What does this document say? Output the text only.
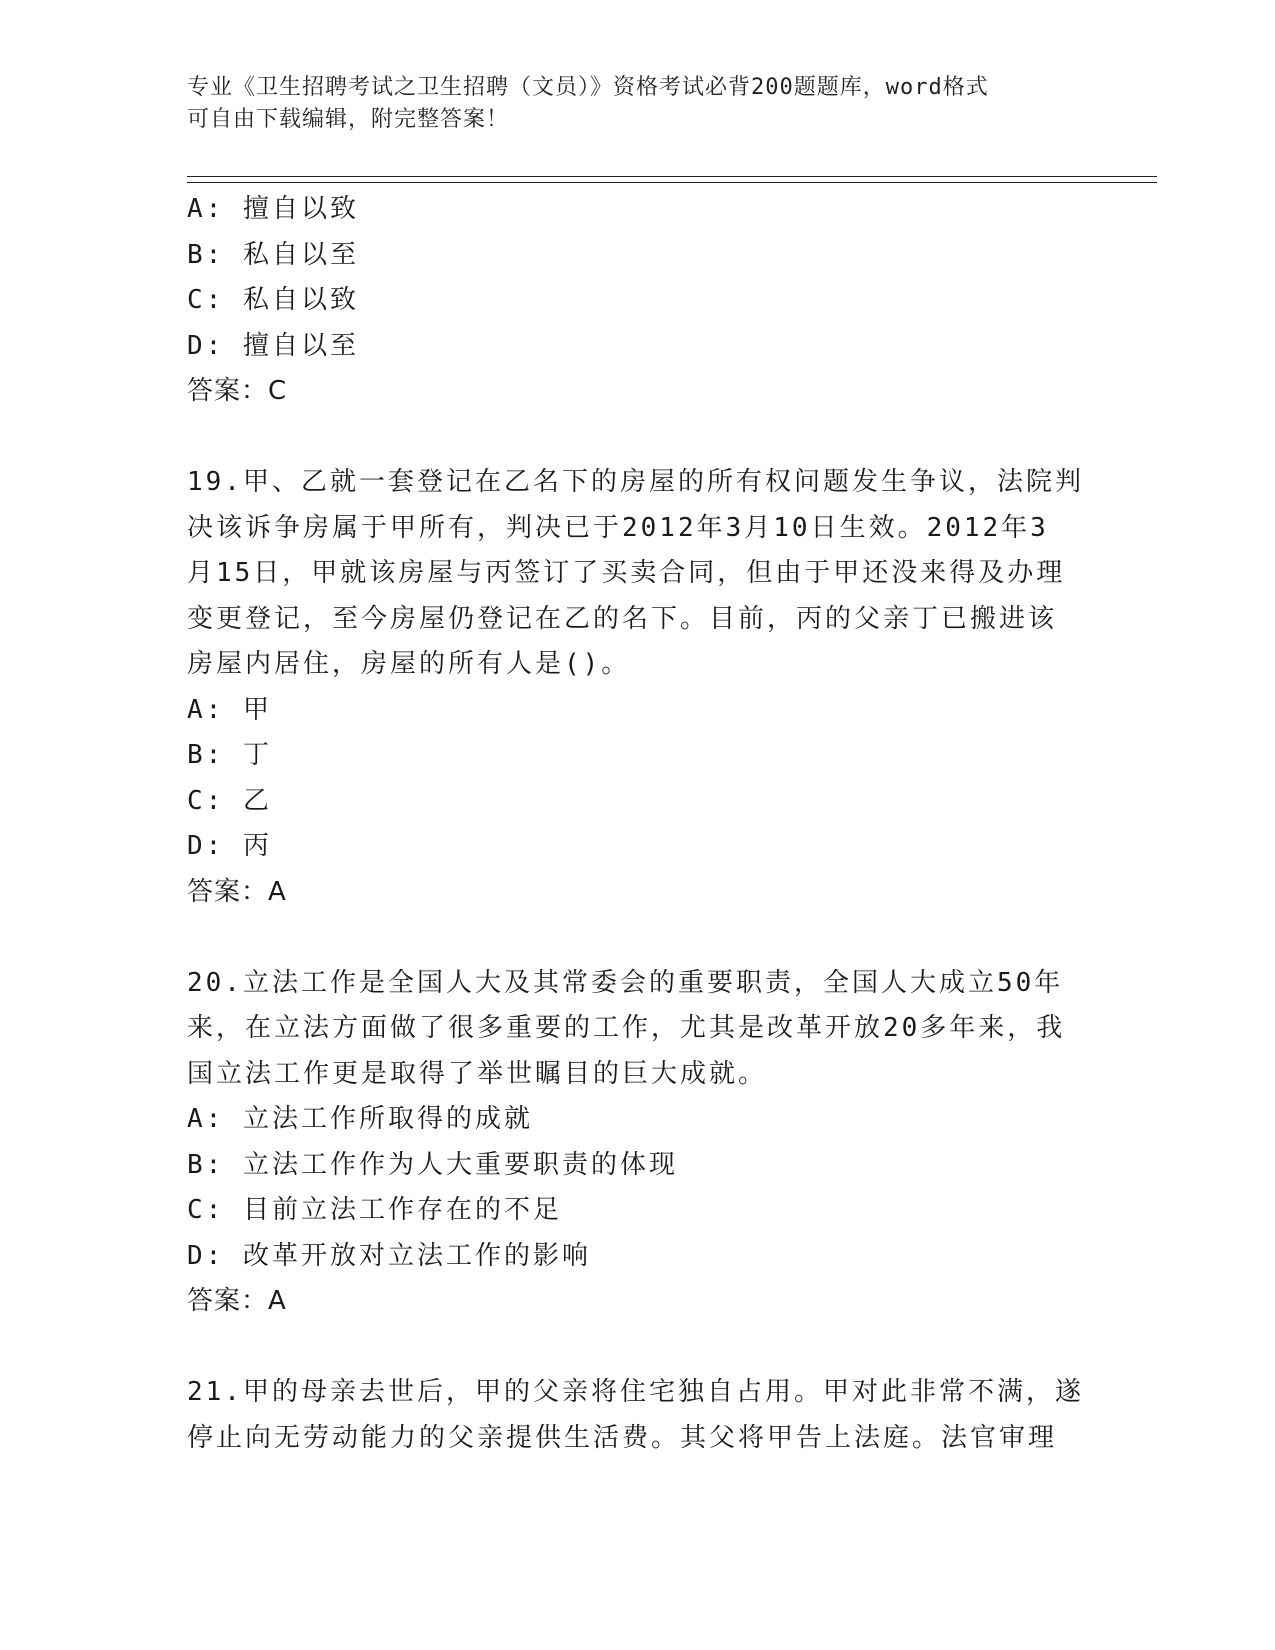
专业《卫生招聘考试之卫生招聘（文员）》资格考试必背200题题库，word格式
可自由下载编辑，附完整答案！
A: 擅自以致
B: 私自以至
C: 私自以致
D: 擅自以至
答案：C
19.甲、乙就一套登记在乙名下的房屋的所有权问题发生争议，法院判
决该诉争房属于甲所有，判决已于2012年3月10日生效。2012年3
月15日，甲就该房屋与丙签订了买卖合同，但由于甲还没来得及办理
变更登记，至今房屋仍登记在乙的名下。目前，丙的父亲丁已搬进该
房屋内居住，房屋的所有人是()。
A: 甲
B: 丁
C: 乙
D: 丙
答案：A
20.立法工作是全国人大及其常委会的重要职责，全国人大成立50年
来，在立法方面做了很多重要的工作，尤其是改革开放20多年来，我
国立法工作更是取得了举世瞩目的巨大成就。
A: 立法工作所取得的成就
B: 立法工作作为人大重要职责的体现
C: 目前立法工作存在的不足
D: 改革开放对立法工作的影响
答案：A
21.甲的母亲去世后，甲的父亲将住宅独自占用。甲对此非常不满，遂
停止向无劳动能力的父亲提供生活费。其父将甲告上法庭。法官审理
